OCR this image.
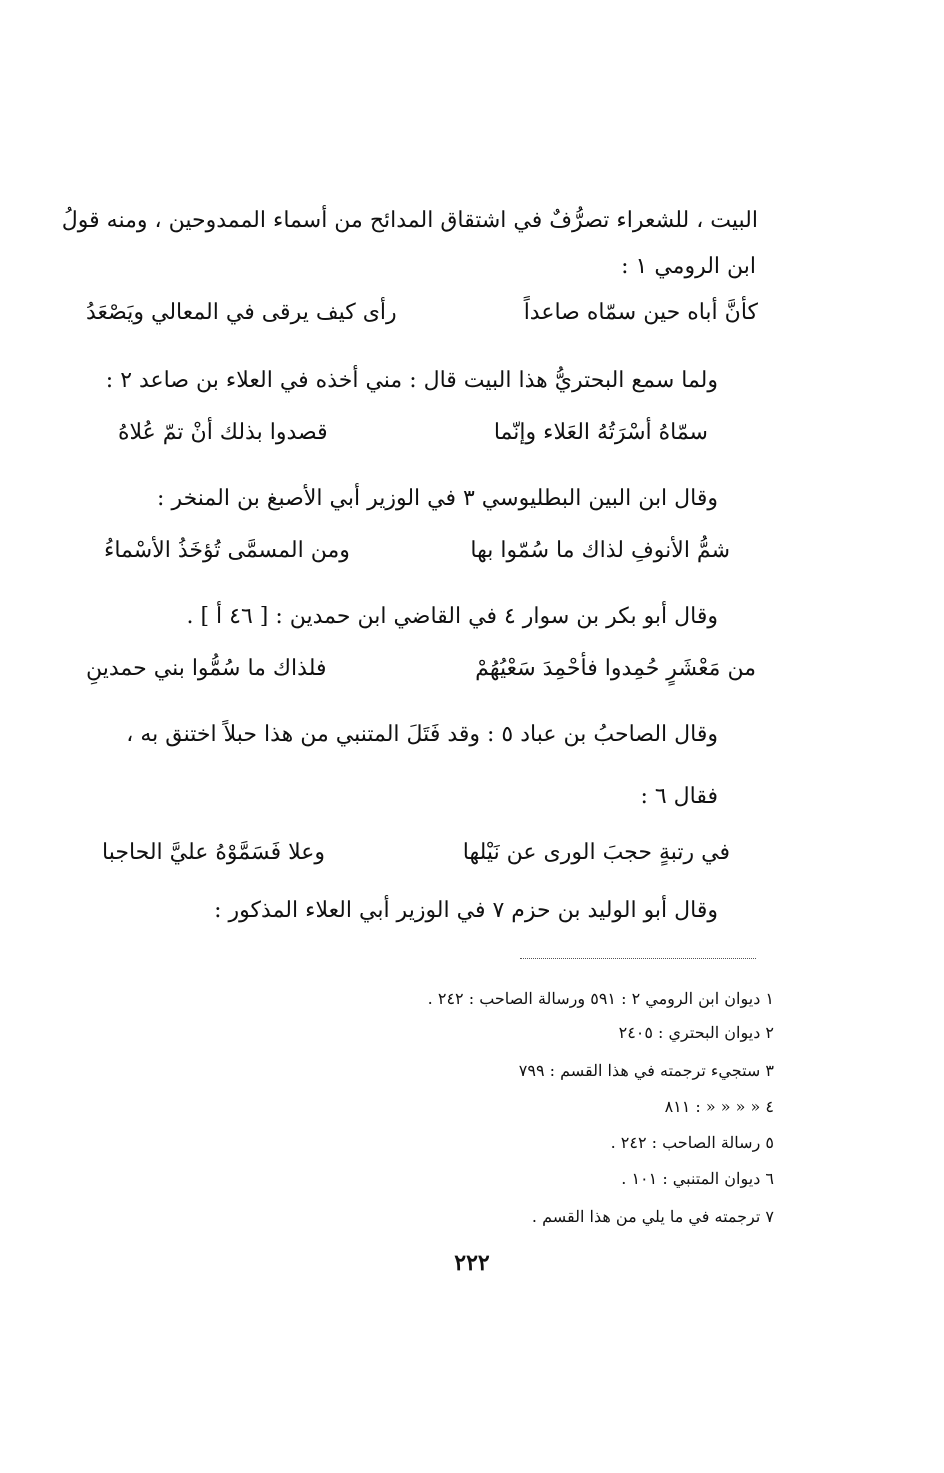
البيت ، للشعراء تصرُّفٌ في اشتقاق المدائح من أسماء الممدوحين ، ومنه قولُ
ابن الرومي ١ :
كأنَّ أباه حين سمّاه صاعداً
رأى كيف يرقى في المعالي ويَصْعَدُ
ولما سمع البحتريُّ هذا البيت قال : مني أخذه في العلاء بن صاعد ٢ :
سمّاهُ أسْرَتُهُ العَلاء وإنّما
قصدوا بذلك أنْ تمّ عُلاهُ
وقال ابن البين البطليوسي ٣ في الوزير أبي الأصبغ بن المنخر :
شمُّ الأنوفِ لذاك ما سُمّوا بها
ومن المسمَّى تُؤخَذُ الأسْماءُ
وقال أبو بكر بن سوار ٤ في القاضي ابن حمدين : [ ٤٦ أ ] .
من مَعْشَرٍ حُمِدوا فأحْمِدَ سَعْيُهُمْ
فلذاك ما سُمُّوا بني حمدينِ
وقال الصاحبُ بن عباد ٥ : وقد فَتَلَ المتنبي من هذا حبلاً اختنق به ،
فقال ٦ :
في رتبةٍ حجبَ الورى عن نَيْلها
وعلا فَسَمَّوْهُ عليَّ الحاجبا
وقال أبو الوليد بن حزم ٧ في الوزير أبي العلاء المذكور :
١ ديوان ابن الرومي ٢ : ٥٩١ ورسالة الصاحب : ٢٤٢ .
٢ ديوان البحتري : ٢٤٠٥
٣ ستجيء ترجمته في هذا القسم : ٧٩٩
٤ « « « « : ٨١١
٥ رسالة الصاحب : ٢٤٢ .
٦ ديوان المتنبي : ١٠١ .
٧ ترجمته في ما يلي من هذا القسم .
٢٢٢
